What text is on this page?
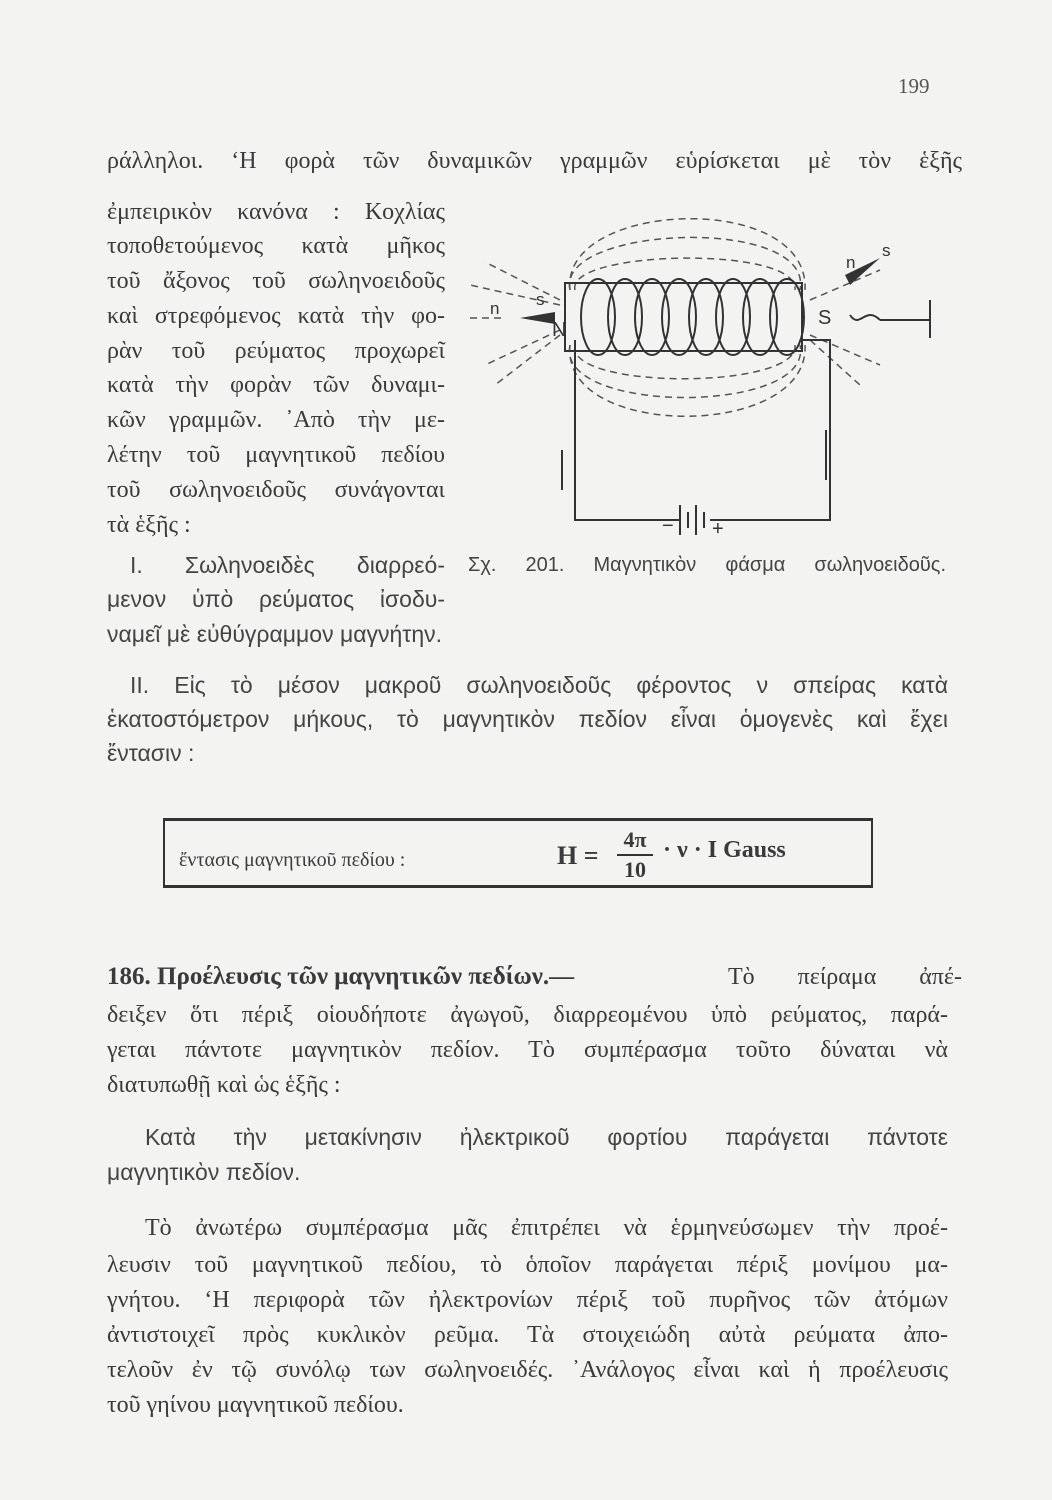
199
ράλληλοι. ‘Η φορὰ τῶν δυναμικῶν γραμμῶν εὑρίσκεται μὲ τὸν ἑξῆς
ἐμπειρικὸν κανόνα : Κοχλίας
τοποθετούμενος κατὰ μῆκος
τοῦ ἄξονος τοῦ σωληνοειδοῦς
καὶ στρεφόμενος κατὰ τὴν φο-
ρὰν τοῦ ρεύματος προχωρεῖ
κατὰ τὴν φορὰν τῶν δυναμι-
κῶν γραμμῶν. ᾿Απὸ τὴν με-
λέτην τοῦ μαγνητικοῦ πεδίου
τοῦ σωληνοειδοῦς συνάγονται
τὰ ἑξῆς :
I. Σωληνοειδὲς διαρρεό-
μενον ὑπὸ ρεύματος ἰσοδυ-
ναμεῖ μὲ εὐθύγραμμον μαγνήτην.
Σχ. 201. Μαγνητικὸν φάσμα σωληνοειδοῦς.
II. Εἰς τὸ μέσον μακροῦ σωληνοειδοῦς φέροντος ν σπείρας κατὰ
ἑκατοστόμετρον μήκους, τὸ μαγνητικὸν πεδίον εἶναι ὁμογενὲς καὶ ἔχει
ἔντασιν :
ἔντασις μαγνητικοῦ πεδίου :	H =
4π
10
· ν · I Gauss
186. Προέλευσις τῶν μαγνητικῶν πεδίων.—	Τὸ πείραμα ἀπέ-
δειξεν ὅτι πέριξ οἱουδήποτε ἀγωγοῦ, διαρρεομένου ὑπὸ ρεύματος, παρά-
γεται πάντοτε μαγνητικὸν πεδίον. Τὸ συμπέρασμα τοῦτο δύναται νὰ
διατυπωθῇ καὶ ὡς ἑξῆς :
Κατὰ τὴν μετακίνησιν ἠλεκτρικοῦ φορτίου παράγεται πάντοτε
μαγνητικὸν πεδίον.
Τὸ ἀνωτέρω συμπέρασμα μᾶς ἐπιτρέπει νὰ ἑρμηνεύσωμεν τὴν προέ-
λευσιν τοῦ μαγνητικοῦ πεδίου, τὸ ὁποῖον παράγεται πέριξ μονίμου μα-
γνήτου. ‘Η περιφορὰ τῶν ἠλεκτρονίων πέριξ τοῦ πυρῆνος τῶν ἀτόμων
ἀντιστοιχεῖ πρὸς κυκλικὸν ρεῦμα. Τὰ στοιχειώδη αὐτὰ ρεύματα ἀπο-
τελοῦν ἐν τῷ συνόλῳ των σωληνοειδές. ᾿Ανάλογος εἶναι καὶ ἡ προέλευσις
τοῦ γηίνου μαγνητικοῦ πεδίου.
n s
N
S
n
s
− +
